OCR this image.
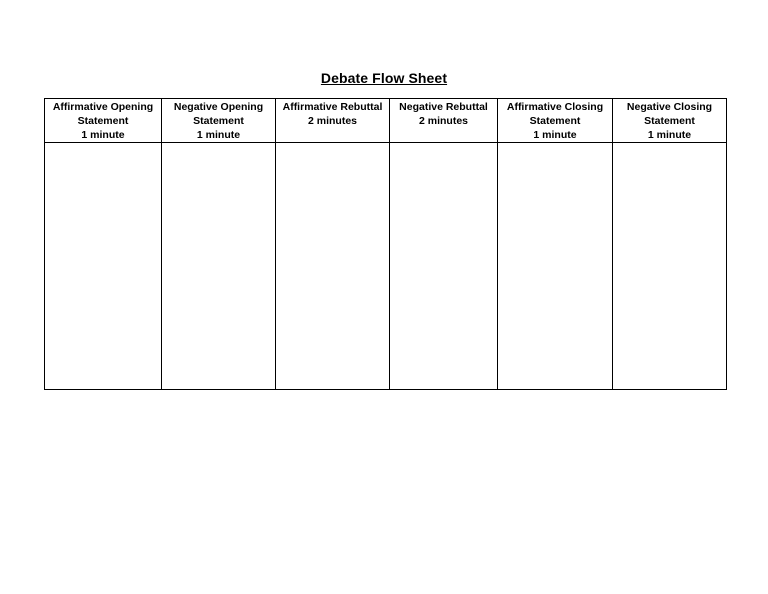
Debate Flow Sheet
Affirmative Opening
Statement
1 minute	Negative Opening
Statement
1 minute	Affirmative Rebuttal
2 minutes	Negative Rebuttal
2 minutes	Affirmative Closing
Statement
1 minute	Negative Closing
Statement
1 minute
